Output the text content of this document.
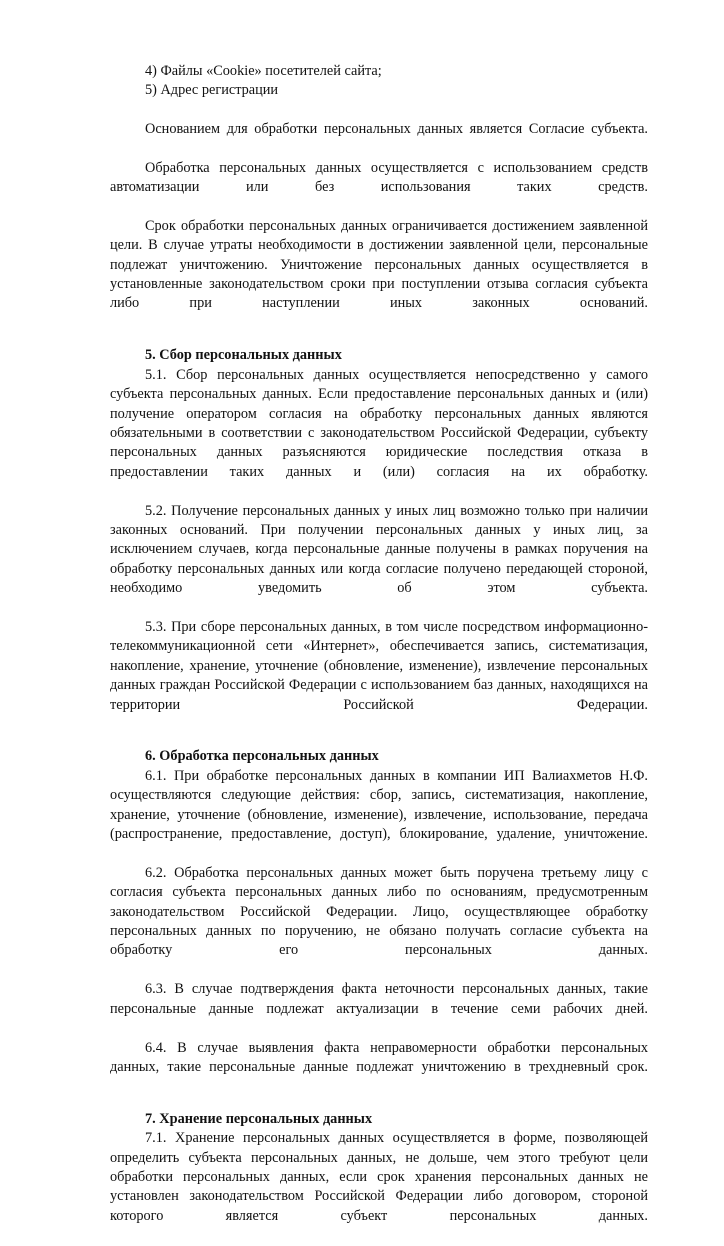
4) Файлы «Cookie» посетителей сайта;

5) Адрес регистрации

Основанием для обработки персональных данных является Согласие субъекта.

Обработка персональных данных осуществляется с использованием средств автоматизации или без использования таких средств.

Срок обработки персональных данных ограничивается достижением заявленной цели. В случае утраты необходимости в достижении заявленной цели, персональные подлежат уничтожению. Уничтожение персональных данных осуществляется в установленные законодательством сроки при поступлении отзыва согласия субъекта либо при наступлении иных законных оснований.

5. Сбор персональных данных

5.1. Сбор персональных данных осуществляется непосредственно у самого субъекта персональных данных. Если предоставление персональных данных и (или) получение оператором согласия на обработку персональных данных являются обязательными в соответствии с законодательством Российской Федерации, субъекту персональных данных разъясняются юридические последствия отказа в предоставлении таких данных и (или) согласия на их обработку.

5.2. Получение персональных данных у иных лиц возможно только при наличии законных оснований. При получении персональных данных у иных лиц, за исключением случаев, когда персональные данные получены в рамках поручения на обработку персональных данных или когда согласие получено передающей стороной, необходимо уведомить об этом субъекта.

5.3. При сборе персональных данных, в том числе посредством информационно-телекоммуникационной сети «Интернет», обеспечивается запись, систематизация, накопление, хранение, уточнение (обновление, изменение), извлечение персональных данных граждан Российской Федерации с использованием баз данных, находящихся на территории Российской Федерации.

6. Обработка персональных данных

6.1. При обработке персональных данных в компании ИП Валиахметов Н.Ф. осуществляются следующие действия: сбор, запись, систематизация, накопление, хранение, уточнение (обновление, изменение), извлечение, использование, передача (распространение, предоставление, доступ), блокирование, удаление, уничтожение.

6.2. Обработка персональных данных может быть поручена третьему лицу с согласия субъекта персональных данных либо по основаниям, предусмотренным законодательством Российской Федерации. Лицо, осуществляющее обработку персональных данных по поручению, не обязано получать согласие субъекта на обработку его персональных данных.

6.3. В случае подтверждения факта неточности персональных данных, такие персональные данные подлежат актуализации в течение семи рабочих дней.

6.4. В случае выявления факта неправомерности обработки персональных данных, такие персональные данные подлежат уничтожению в трехдневный срок.

7. Хранение персональных данных

7.1. Хранение персональных данных осуществляется в форме, позволяющей определить субъекта персональных данных, не дольше, чем этого требуют цели обработки персональных данных, если срок хранения персональных данных не установлен законодательством Российской Федерации либо договором, стороной которого является субъект персональных данных.
